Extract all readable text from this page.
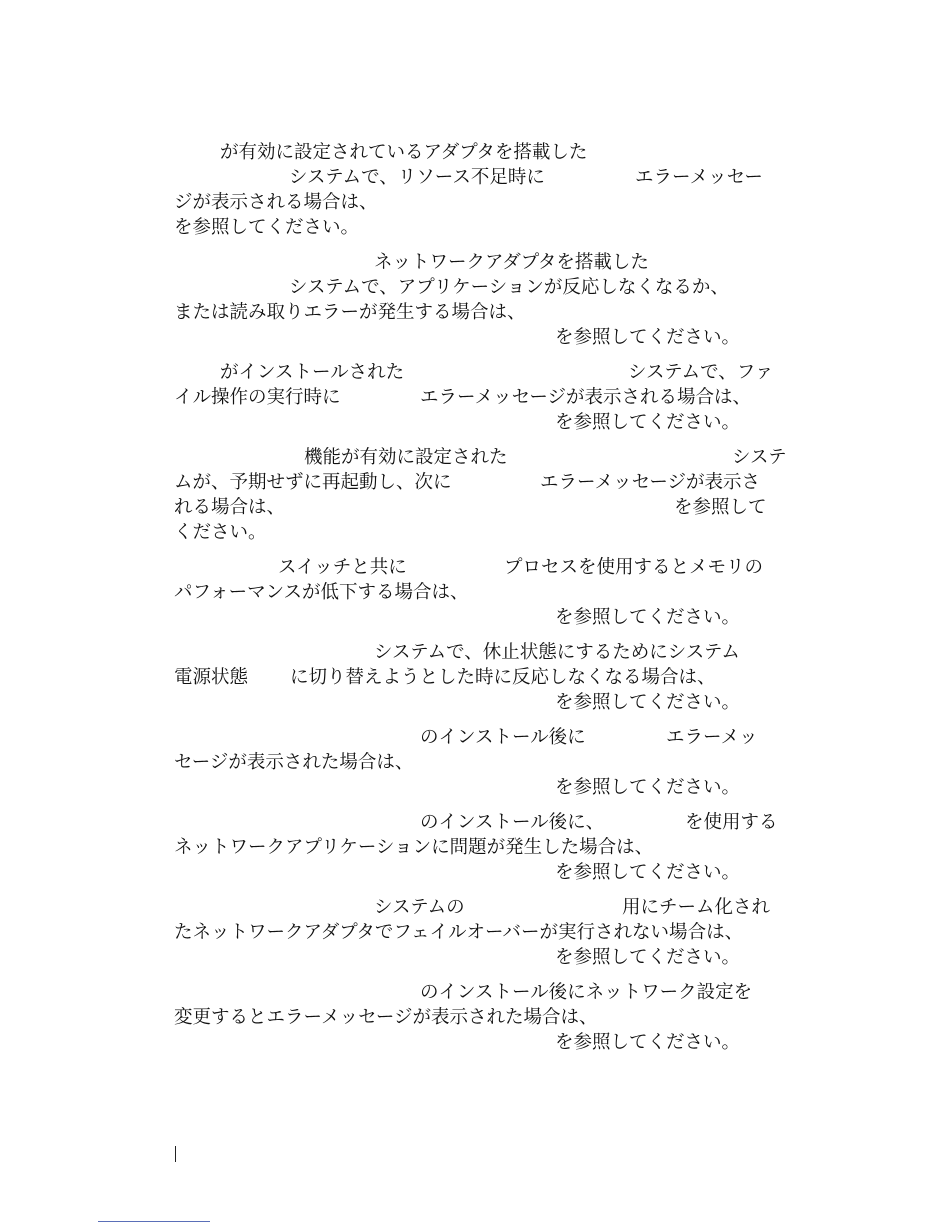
が有効に設定されているアダプタを搭載した
システムで、リソース不足時に	エラーメッセー
ジが表示される場合は、
を参照してください。
ネットワークアダプタを搭載した
システムで、アプリケーションが反応しなくなるか、
または読み取りエラーが発生する場合は、
を参照してください。
がインストールされた	システムで、ファ
イル操作の実行時に	エラーメッセージが表示される場合は、
を参照してください。
機能が有効に設定された	システ
ムが、予期せずに再起動し、次に	エラーメッセージが表示さ
れる場合は、	を参照して
ください。
スイッチと共に	プロセスを使用するとメモリの
パフォーマンスが低下する場合は、
を参照してください。
システムで、休止状態にするためにシステム
電源状態 に切り替えようとした時に反応しなくなる場合は、
を参照してください。
のインストール後に	エラーメッ
セージが表示された場合は、
を参照してください。
のインストール後に、	を使用する
ネットワークアプリケーションに問題が発生した場合は、
を参照してください。
システムの	用にチーム化され
たネットワークアダプタでフェイルオーバーが実行されない場合は、
を参照してください。
のインストール後にネットワーク設定を
変更するとエラーメッセージが表示された場合は、
を参照してください。
